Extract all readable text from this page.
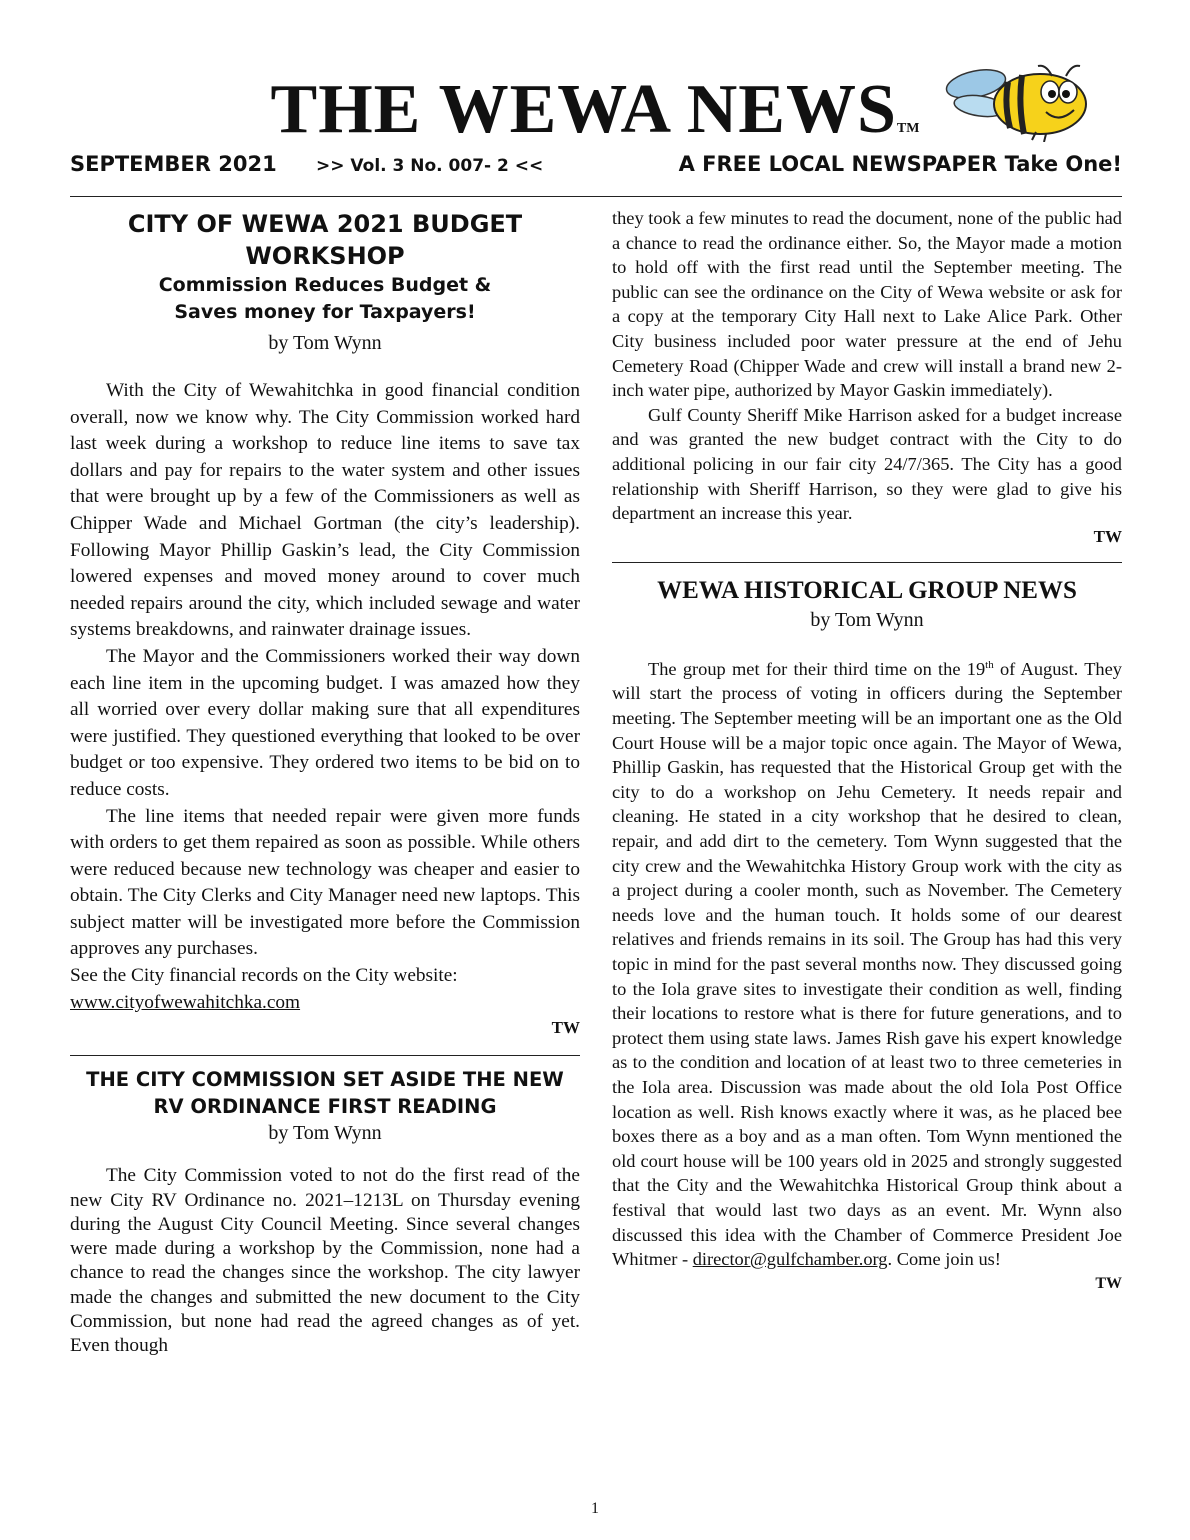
THE WEWA NEWSTM
SEPTEMBER 2021 >> Vol. 3 No. 007- 2 <<	A FREE LOCAL NEWSPAPER Take One!
CITY OF WEWA 2021 BUDGET WORKSHOP
Commission Reduces Budget &
Saves money for Taxpayers!
by Tom Wynn

With the City of Wewahitchka in good financial condition overall, now we know why. The City Commission worked hard last week during a workshop to reduce line items to save tax dollars and pay for repairs to the water system and other issues that were brought up by a few of the Commissioners as well as Chipper Wade and Michael Gortman (the city’s leadership). Following Mayor Phillip Gaskin’s lead, the City Commission lowered expenses and moved money around to cover much needed repairs around the city, which included sewage and water systems breakdowns, and rainwater drainage issues.

The Mayor and the Commissioners worked their way down each line item in the upcoming budget. I was amazed how they all worried over every dollar making sure that all expenditures were justified. They questioned everything that looked to be over budget or too expensive. They ordered two items to be bid on to reduce costs.

The line items that needed repair were given more funds with orders to get them repaired as soon as possible. While others were reduced because new technology was cheaper and easier to obtain. The City Clerks and City Manager need new laptops. This subject matter will be investigated more before the Commission approves any purchases.

See the City financial records on the City website:

www.cityofwewahitchka.com

TW
THE CITY COMMISSION SET ASIDE THE NEW RV ORDINANCE FIRST READING
by Tom Wynn

The City Commission voted to not do the first read of the new City RV Ordinance no. 2021–1213L on Thursday evening during the August City Council Meeting. Since several changes were made during a workshop by the Commission, none had a chance to read the changes since the workshop. The city lawyer made the changes and submitted the new document to the City Commission, but none had read the agreed changes as of yet. Even though

they took a few minutes to read the document, none of the public had a chance to read the ordinance either. So, the Mayor made a motion to hold off with the first read until the September meeting. The public can see the ordinance on the City of Wewa website or ask for a copy at the temporary City Hall next to Lake Alice Park. Other City business included poor water pressure at the end of Jehu Cemetery Road (Chipper Wade and crew will install a brand new 2-inch water pipe, authorized by Mayor Gaskin immediately).

Gulf County Sheriff Mike Harrison asked for a budget increase and was granted the new budget contract with the City to do additional policing in our fair city 24/7/365. The City has a good relationship with Sheriff Harrison, so they were glad to give his department an increase this year.

TW
WEWA HISTORICAL GROUP NEWS
by Tom Wynn

The group met for their third time on the 19th of August. They will start the process of voting in officers during the September meeting. The September meeting will be an important one as the Old Court House will be a major topic once again. The Mayor of Wewa, Phillip Gaskin, has requested that the Historical Group get with the city to do a workshop on Jehu Cemetery. It needs repair and cleaning. He stated in a city workshop that he desired to clean, repair, and add dirt to the cemetery. Tom Wynn suggested that the city crew and the Wewahitchka History Group work with the city as a project during a cooler month, such as November. The Cemetery needs love and the human touch. It holds some of our dearest relatives and friends remains in its soil. The Group has had this very topic in mind for the past several months now. They discussed going to the Iola grave sites to investigate their condition as well, finding their locations to restore what is there for future generations, and to protect them using state laws. James Rish gave his expert knowledge as to the condition and location of at least two to three cemeteries in the Iola area. Discussion was made about the old Iola Post Office location as well. Rish knows exactly where it was, as he placed bee boxes there as a boy and as a man often. Tom Wynn mentioned the old court house will be 100 years old in 2025 and strongly suggested that the City and the Wewahitchka Historical Group think about a festival that would last two days as an event. Mr. Wynn also discussed this idea with the Chamber of Commerce President Joe Whitmer - director@gulfchamber.org. Come join us!

TW
1
